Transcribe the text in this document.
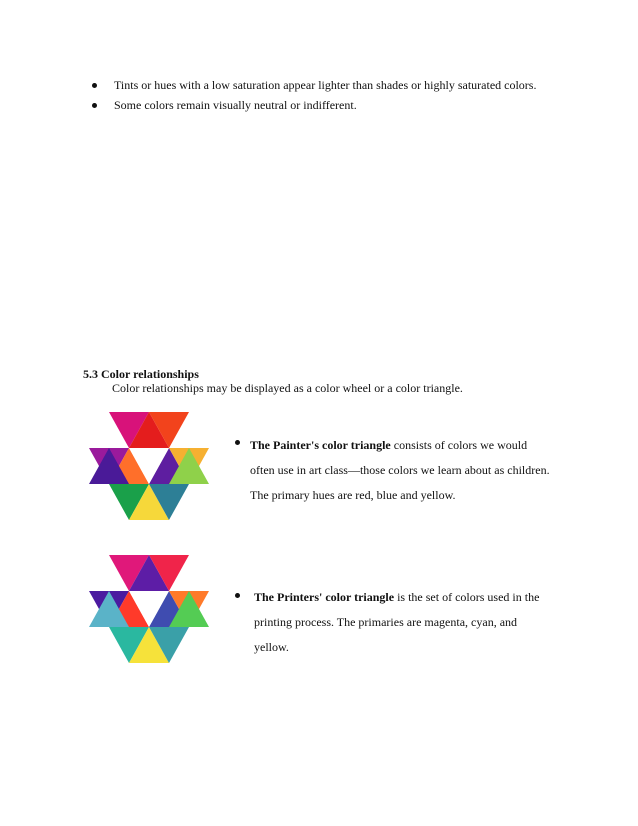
Tints or hues with a low saturation appear lighter than shades or highly saturated colors.
Some colors remain visually neutral or indifferent.
5.3 Color relationships
Color relationships may be displayed as a color wheel or a color triangle.
The Painter's color triangle consists of colors we would
often use in art class—those colors we learn about as children.
The primary hues are red, blue and yellow.
The Printers' color triangle is the set of colors used in the
printing process. The primaries are magenta, cyan, and
yellow.
